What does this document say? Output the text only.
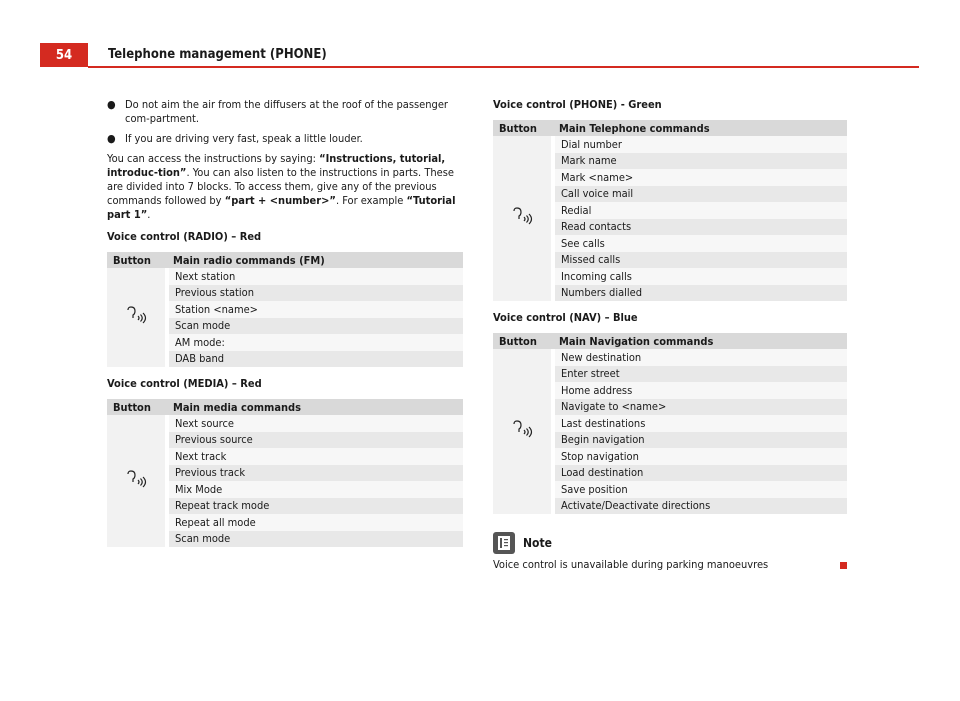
54	Telephone management (PHONE)
● Do not aim the air from the diffusers at the roof of the passenger com-partment.

● If you are driving very fast, speak a little louder.

You can access the instructions by saying: “Instructions, tutorial, introduc-tion”. You can also listen to the instructions in parts. These are divided into 7 blocks. To access them, give any of the previous commands followed by “part + <number>”. For example “Tutorial part 1”.

Voice control (RADIO) – Red
Button	Main radio commands (FM)
	Next station
	Previous station
	Station <name>
	Scan mode
	AM mode:
	DAB band
Voice control (MEDIA) – Red
Button	Main media commands
	Next source
	Previous source
	Next track
	Previous track
	Mix Mode
	Repeat track mode
	Repeat all mode
	Scan mode
Voice control (PHONE) - Green
Button	Main Telephone commands
	Dial number
	Mark name
	Mark <name>
	Call voice mail
	Redial
	Read contacts
	See calls
	Missed calls
	Incoming calls
	Numbers dialled
Voice control (NAV) – Blue
Button	Main Navigation commands
	New destination
	Enter street
	Home address
	Navigate to <name>
	Last destinations
	Begin navigation
	Stop navigation
	Load destination
	Save position
	Activate/Deactivate directions
Note

Voice control is unavailable during parking manoeuvres
